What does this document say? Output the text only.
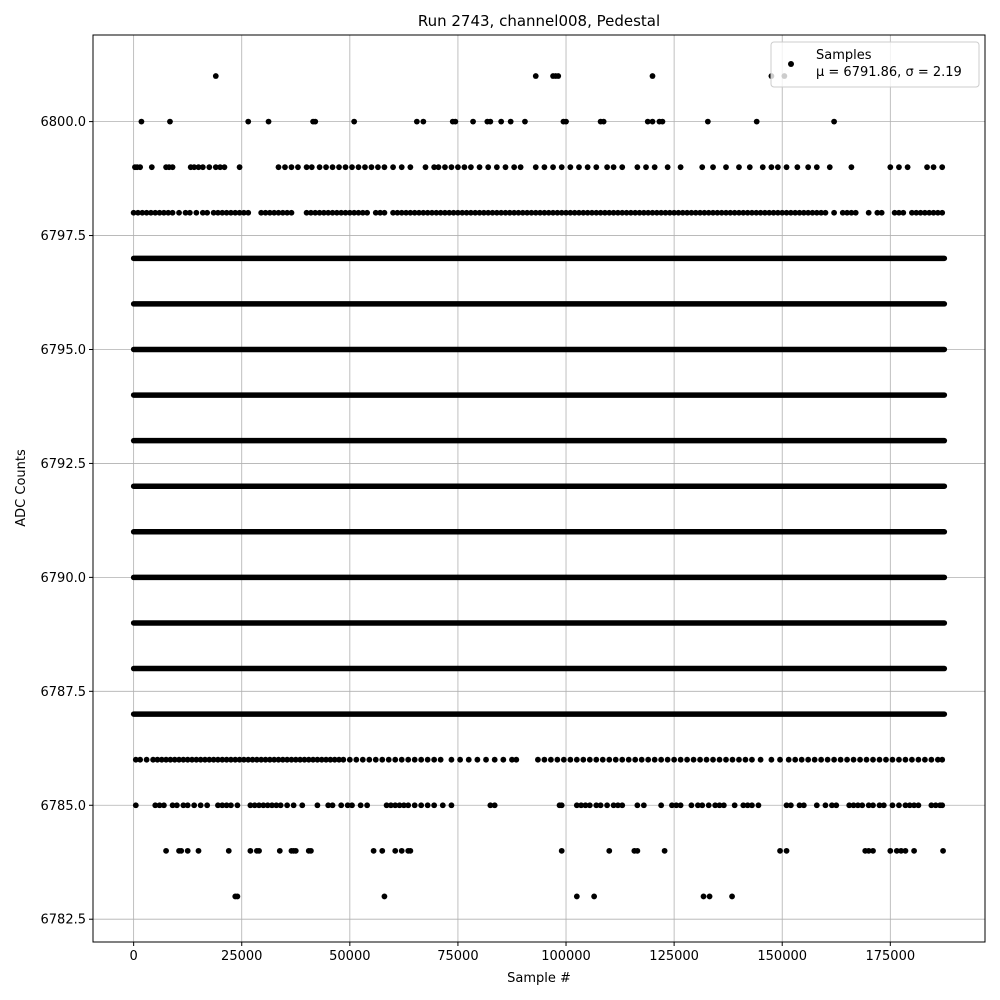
0	25000	50000	75000	100000	125000	150000	175000
6782.5
6785.0
6787.5
6790.0
6792.5
6795.0
6797.5
6800.0
Run 2743, channel008, Pedestal
Sample #
ADC Counts
Samples
μ = 6791.86, σ = 2.19
